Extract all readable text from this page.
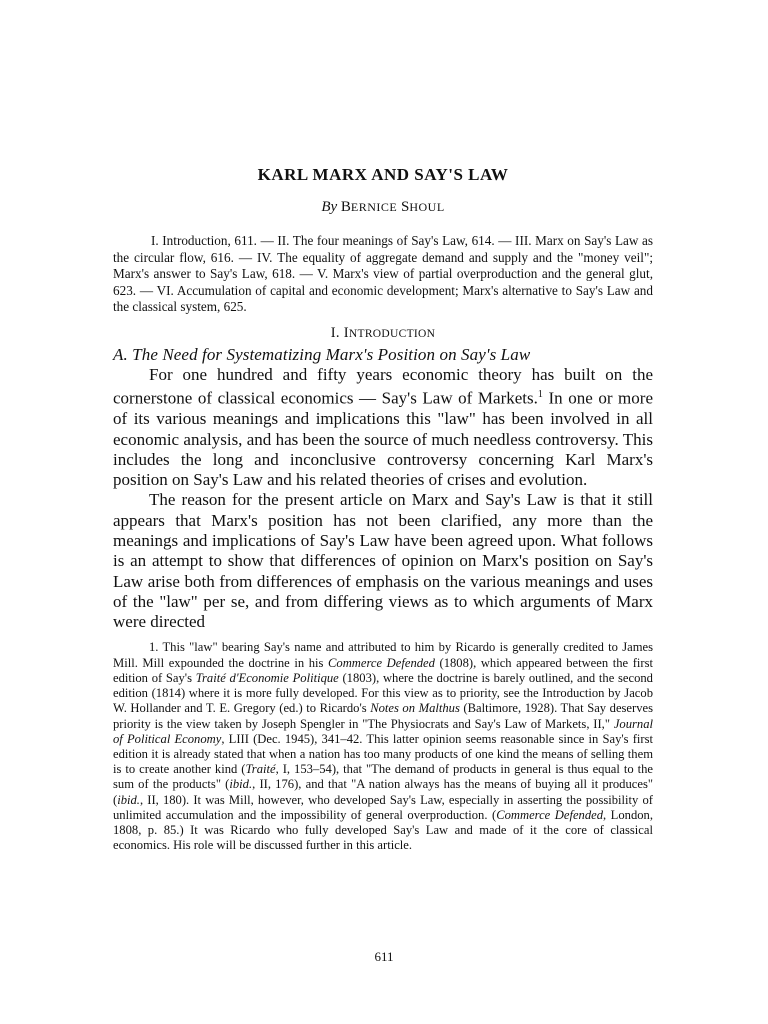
KARL MARX AND SAY'S LAW
By BERNICE SHOUL
I. Introduction, 611. — II. The four meanings of Say's Law, 614. — III. Marx on Say's Law as the circular flow, 616. — IV. The equality of aggregate demand and supply and the "money veil"; Marx's answer to Say's Law, 618. — V. Marx's view of partial overproduction and the general glut, 623. — VI. Accumulation of capital and economic development; Marx's alternative to Say's Law and the classical system, 625.
I. INTRODUCTION
A. The Need for Systematizing Marx's Position on Say's Law

For one hundred and fifty years economic theory has built on the cornerstone of classical economics — Say's Law of Markets.$^1$ In one or more of its various meanings and implications this "law" has been involved in all economic analysis, and has been the source of much needless controversy. This includes the long and inconclusive controversy concerning Karl Marx's position on Say's Law and his related theories of crises and evolution.

The reason for the present article on Marx and Say's Law is that it still appears that Marx's position has not been clarified, any more than the meanings and implications of Say's Law have been agreed upon. What follows is an attempt to show that differences of opinion on Marx's position on Say's Law arise both from differences of emphasis on the various meanings and uses of the "law" per se, and from differing views as to which arguments of Marx were directed

1. This "law" bearing Say's name and attributed to him by Ricardo is generally credited to James Mill. Mill expounded the doctrine in his Commerce Defended (1808), which appeared between the first edition of Say's Traité d'Economie Politique (1803), where the doctrine is barely outlined, and the second edition (1814) where it is more fully developed. For this view as to priority, see the Introduction by Jacob W. Hollander and T. E. Gregory (ed.) to Ricardo's Notes on Malthus (Baltimore, 1928). That Say deserves priority is the view taken by Joseph Spengler in "The Physiocrats and Say's Law of Markets, II," Journal of Political Economy, LIII (Dec. 1945), 341–42. This latter opinion seems reasonable since in Say's first edition it is already stated that when a nation has too many products of one kind the means of selling them is to create another kind (Traité, I, 153–54), that "The demand of products in general is thus equal to the sum of the products" (ibid., II, 176), and that "A nation always has the means of buying all it produces" (ibid., II, 180). It was Mill, however, who developed Say's Law, especially in asserting the possibility of unlimited accumulation and the impossibility of general overproduction. (Commerce Defended, London, 1808, p. 85.) It was Ricardo who fully developed Say's Law and made of it the core of classical economics. His role will be discussed further in this article.
611
